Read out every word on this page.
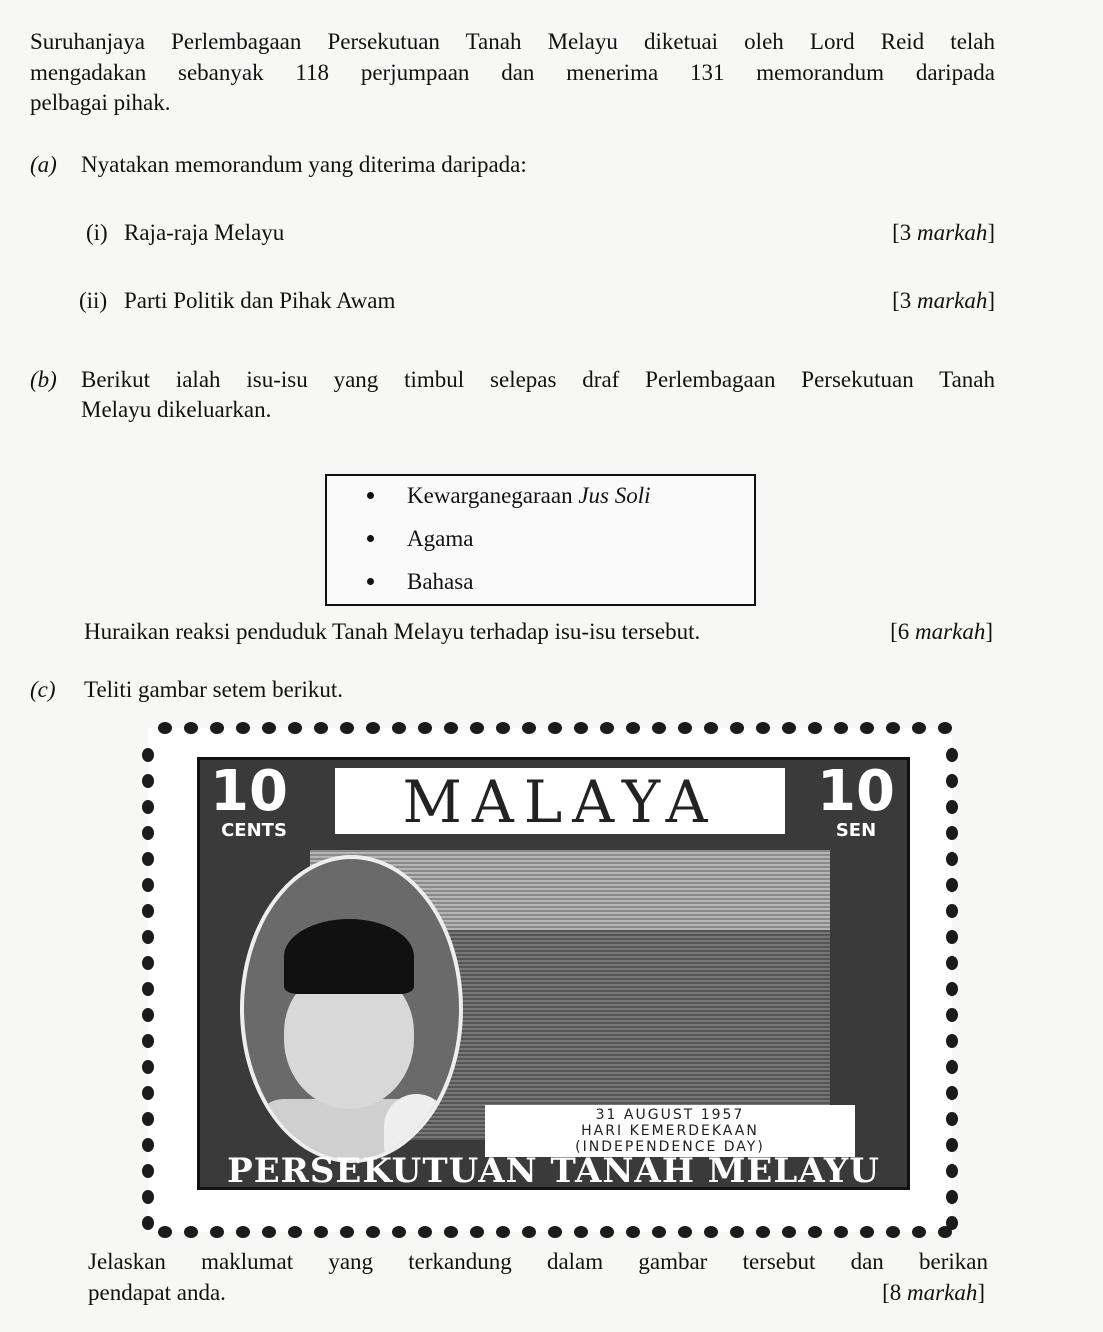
Suruhanjaya Perlembagaan Persekutuan Tanah Melayu diketuai oleh Lord Reid telah
mengadakan sebanyak 118 perjumpaan dan menerima 131 memorandum daripada
pelbagai pihak.
(a) Nyatakan memorandum yang diterima daripada:
(i) Raja-raja Melayu	[3 markah]
(ii) Parti Politik dan Pihak Awam	[3 markah]
(b) Berikut ialah isu-isu yang timbul selepas draf Perlembagaan Persekutuan Tanah
Melayu dikeluarkan.
Kewarganegaraan Jus Soli
Agama
Bahasa
Huraikan reaksi penduduk Tanah Melayu terhadap isu-isu tersebut.	[6 markah]
(c) Teliti gambar setem berikut.
MALAYA
10
CENTS
10
SEN
31 AUGUST 1957
HARI KEMERDEKAAN
(INDEPENDENCE DAY)
PERSEKUTUAN TANAH MELAYU
Jelaskan maklumat yang terkandung dalam gambar tersebut dan berikan
pendapat anda.	[8 markah]
